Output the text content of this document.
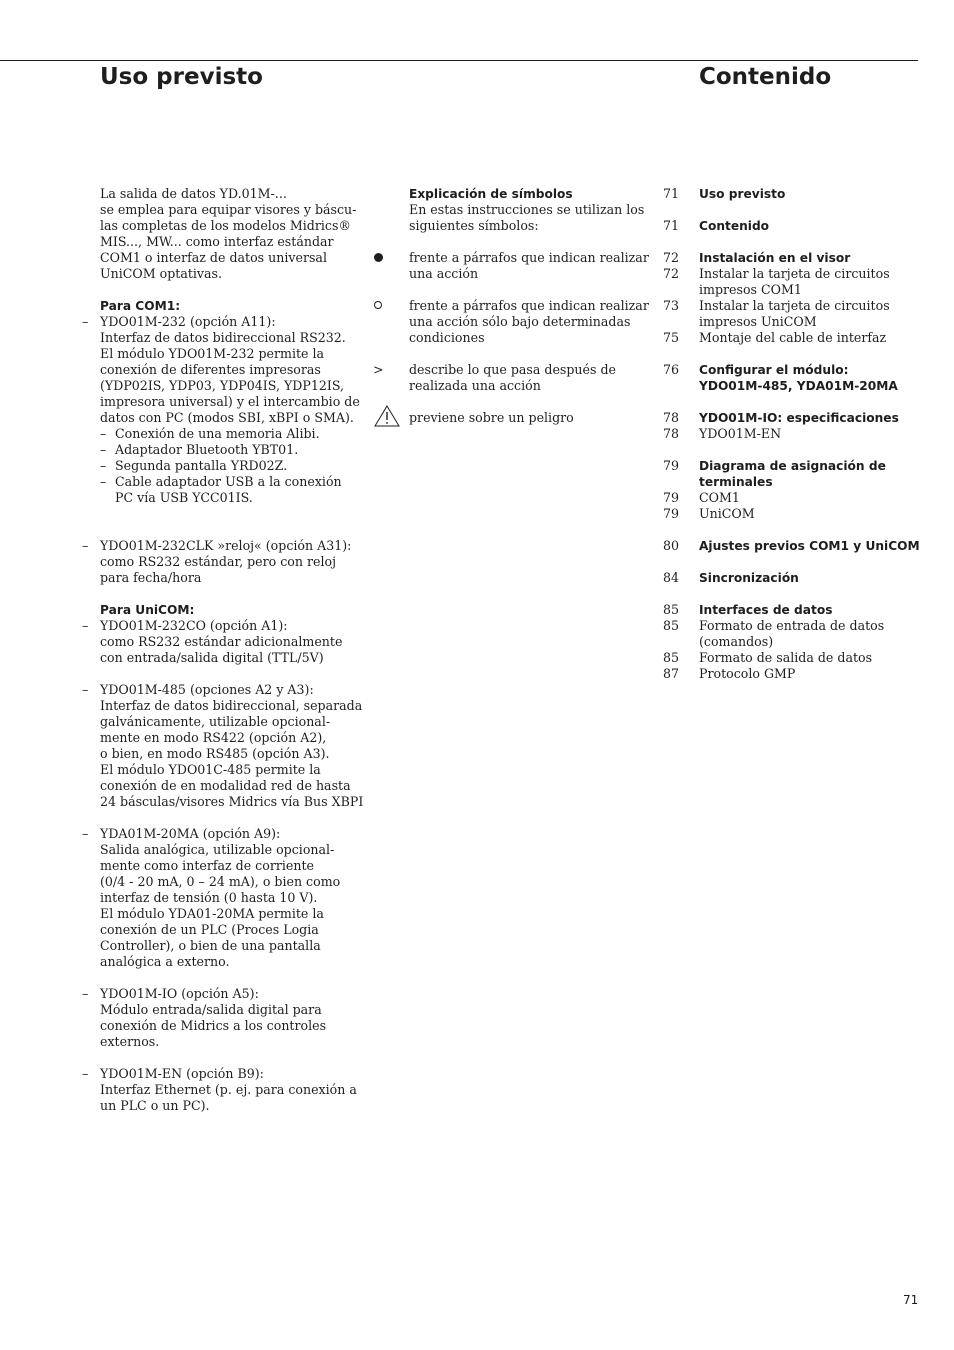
Uso previsto	Contenido
La salida de datos YD.01M-...
se emplea para equipar visores y báscu-
las completas de los modelos Midrics®
MIS..., MW... como interfaz estándar
COM1 o interfaz de datos universal
UniCOM optativas.
Para COM1:
– YDO01M-232 (opción A11):
Interfaz de datos bidireccional RS232.
El módulo YDO01M-232 permite la
conexión de diferentes impresoras
(YDP02IS, YDP03, YDP04IS, YDP12IS,
impresora universal) y el intercambio de
datos con PC (modos SBI, xBPI o SMA).
– Conexión de una memoria Alibi.
– Adaptador Bluetooth YBT01.
– Segunda pantalla YRD02Z.
– Cable adaptador USB a la conexión
PC vía USB YCC01IS.
– YDO01M-232CLK »reloj« (opción A31):
como RS232 estándar, pero con reloj
para fecha/hora
Para UniCOM:
– YDO01M-232CO (opción A1):
como RS232 estándar adicionalmente
con entrada/salida digital (TTL/5V)
– YDO01M-485 (opciones A2 y A3):
Interfaz de datos bidireccional, separada
galvánicamente, utilizable opcional-
mente en modo RS422 (opción A2),
o bien, en modo RS485 (opción A3).
El módulo YDO01C-485 permite la
conexión de en modalidad red de hasta
24 básculas/visores Midrics vía Bus XBPI
– YDA01M-20MA (opción A9):
Salida analógica, utilizable opcional-
mente como interfaz de corriente
(0/4 - 20 mA, 0 – 24 mA), o bien como
interfaz de tensión (0 hasta 10 V).
El módulo YDA01-20MA permite la
conexión de un PLC (Proces Logia
Controller), o bien de una pantalla
analógica a externo.
– YDO01M-IO (opción A5):
Módulo entrada/salida digital para
conexión de Midrics a los controles
externos.
– YDO01M-EN (opción B9):
Interfaz Ethernet (p. ej. para conexión a
un PLC o un PC).
Explicación de símbolos
En estas instrucciones se utilizan los
siguientes símbolos:
frente a párrafos que indican realizar
una acción
frente a párrafos que indican realizar
una acción sólo bajo determinadas
condiciones
> describe lo que pasa después de
realizada una acción
previene sobre un peligro
71 Uso previsto
71 Contenido
72 Instalación en el visor
72 Instalar la tarjeta de circuitos
impresos COM1
73 Instalar la tarjeta de circuitos
impresos UniCOM
75 Montaje del cable de interfaz
76 Configurar el módulo:
YDO01M-485, YDA01M-20MA
78 YDO01M-IO: especificaciones
78 YDO01M-EN
79 Diagrama de asignación de
terminales
79 COM1
79 UniCOM
80 Ajustes previos COM1 y UniCOM
84 Sincronización
85 Interfaces de datos
85 Formato de entrada de datos
(comandos)
85 Formato de salida de datos
87 Protocolo GMP
71
